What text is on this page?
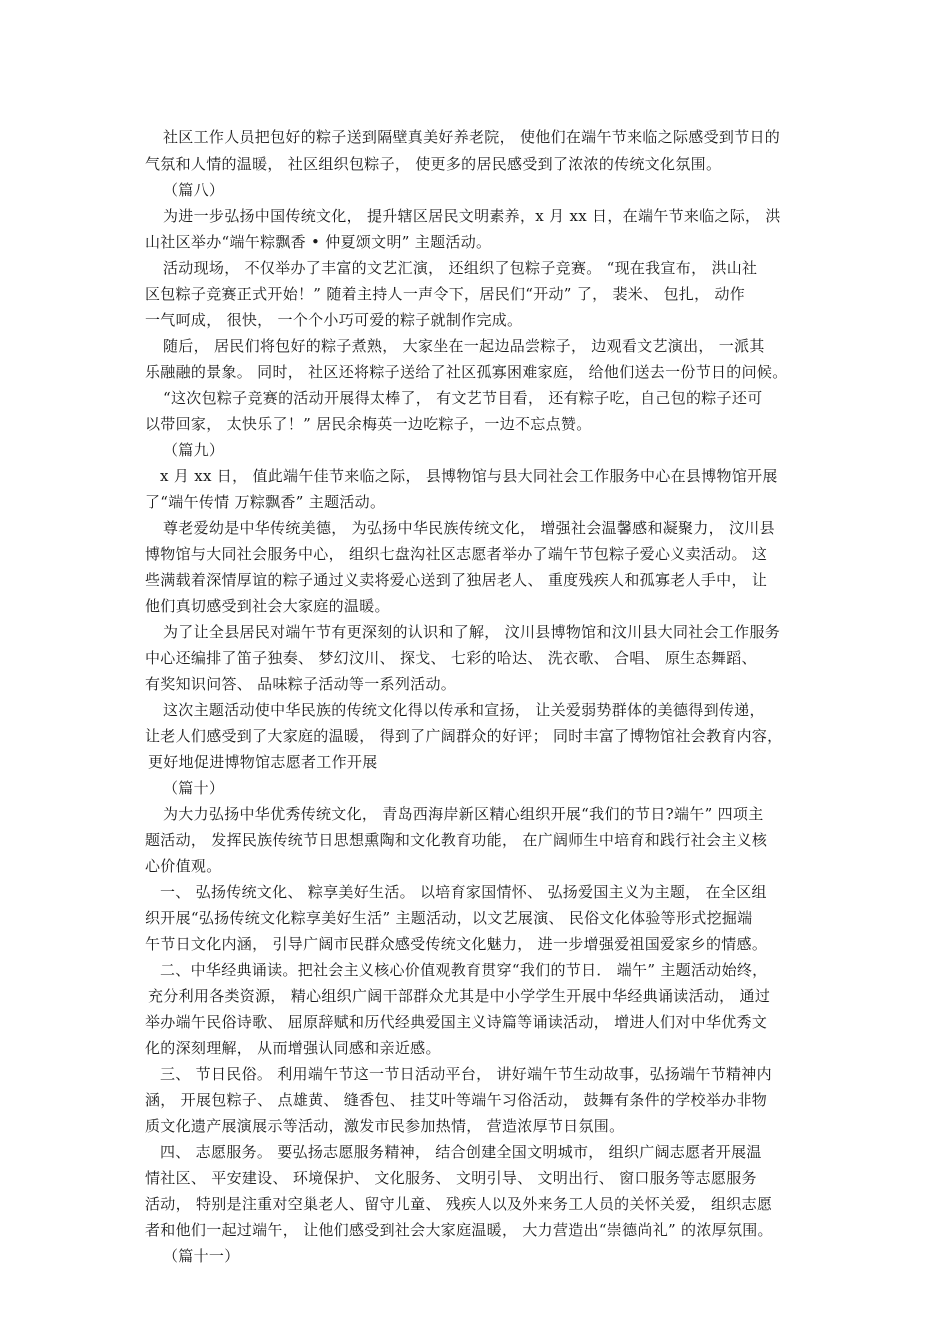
社区工作人员把包好的粽子送到隔壁真美好养老院， 使他们在端午节来临之际感受到节日的
气氛和人情的温暖， 社区组织包粽子， 使更多的居民感受到了浓浓的传统文化氛围。
（篇八）
为进一步弘扬中国传统文化， 提升辖区居民文明素养，x 月 xx 日，在端午节来临之际， 洪
山社区举办“端午粽飘香 • 仲夏颂文明” 主题活动。
活动现场， 不仅举办了丰富的文艺汇演， 还组织了包粽子竞赛。 “现在我宣布， 洪山社
区包粽子竞赛正式开始！” 随着主持人一声令下，居民们“开动” 了， 裴米、 包扎， 动作
一气呵成， 很快， 一个个小巧可爱的粽子就制作完成。
随后， 居民们将包好的粽子煮熟， 大家坐在一起边品尝粽子， 边观看文艺演出， 一派其
乐融融的景象。 同时， 社区还将粽子送给了社区孤寡困难家庭， 给他们送去一份节日的问候。
“这次包粽子竞赛的活动开展得太棒了， 有文艺节目看， 还有粽子吃，自己包的粽子还可
以带回家， 太快乐了！” 居民余梅英一边吃粽子，一边不忘点赞。
（篇九）
x 月 xx 日， 值此端午佳节来临之际， 县博物馆与县大同社会工作服务中心在县博物馆开展
了“端午传情 万粽飘香” 主题活动。
尊老爱幼是中华传统美德， 为弘扬中华民族传统文化， 增强社会温馨感和凝聚力， 汶川县
博物馆与大同社会服务中心， 组织七盘沟社区志愿者举办了端午节包粽子爱心义卖活动。 这
些满载着深情厚谊的粽子通过义卖将爱心送到了独居老人、 重度残疾人和孤寡老人手中， 让
他们真切感受到社会大家庭的温暖。
为了让全县居民对端午节有更深刻的认识和了解， 汶川县博物馆和汶川县大同社会工作服务
中心还编排了笛子独奏、 梦幻汶川、 探戈、 七彩的哈达、 洗衣歌、 合唱、 原生态舞蹈、
有奖知识问答、 品味粽子活动等一系列活动。
这次主题活动使中华民族的传统文化得以传承和宣扬， 让关爱弱势群体的美德得到传递，
让老人们感受到了大家庭的温暖， 得到了广阔群众的好评； 同时丰富了博物馆社会教育内容，
更好地促进博物馆志愿者工作开展
（篇十）
为大力弘扬中华优秀传统文化， 青岛西海岸新区精心组织开展“我们的节日?端午” 四项主
题活动， 发挥民族传统节日思想熏陶和文化教育功能， 在广阔师生中培育和践行社会主义核
心价值观。
一、 弘扬传统文化、 粽享美好生活。 以培育家国情怀、 弘扬爱国主义为主题， 在全区组
织开展“弘扬传统文化粽享美好生活” 主题活动，以文艺展演、 民俗文化体验等形式挖掘端
午节日文化内涵， 引导广阔市民群众感受传统文化魅力， 进一步增强爱祖国爱家乡的情感。
二、中华经典诵读。把社会主义核心价值观教育贯穿“我们的节日． 端午” 主题活动始终，
充分利用各类资源， 精心组织广阔干部群众尤其是中小学学生开展中华经典诵读活动， 通过
举办端午民俗诗歌、 屈原辞赋和历代经典爱国主义诗篇等诵读活动， 增进人们对中华优秀文
化的深刻理解， 从而增强认同感和亲近感。
三、 节日民俗。 利用端午节这一节日活动平台， 讲好端午节生动故事，弘扬端午节精神内
涵， 开展包粽子、 点雄黄、 缝香包、 挂艾叶等端午习俗活动， 鼓舞有条件的学校举办非物
质文化遗产展演展示等活动，激发市民参加热情， 营造浓厚节日氛围。
四、 志愿服务。 要弘扬志愿服务精神， 结合创建全国文明城市， 组织广阔志愿者开展温
情社区、 平安建设、 环境保护、 文化服务、 文明引导、 文明出行、 窗口服务等志愿服务
活动， 特别是注重对空巢老人、留守儿童、 残疾人以及外来务工人员的关怀关爱， 组织志愿
者和他们一起过端午， 让他们感受到社会大家庭温暖， 大力营造出“崇德尚礼” 的浓厚氛围。
（篇十一）
